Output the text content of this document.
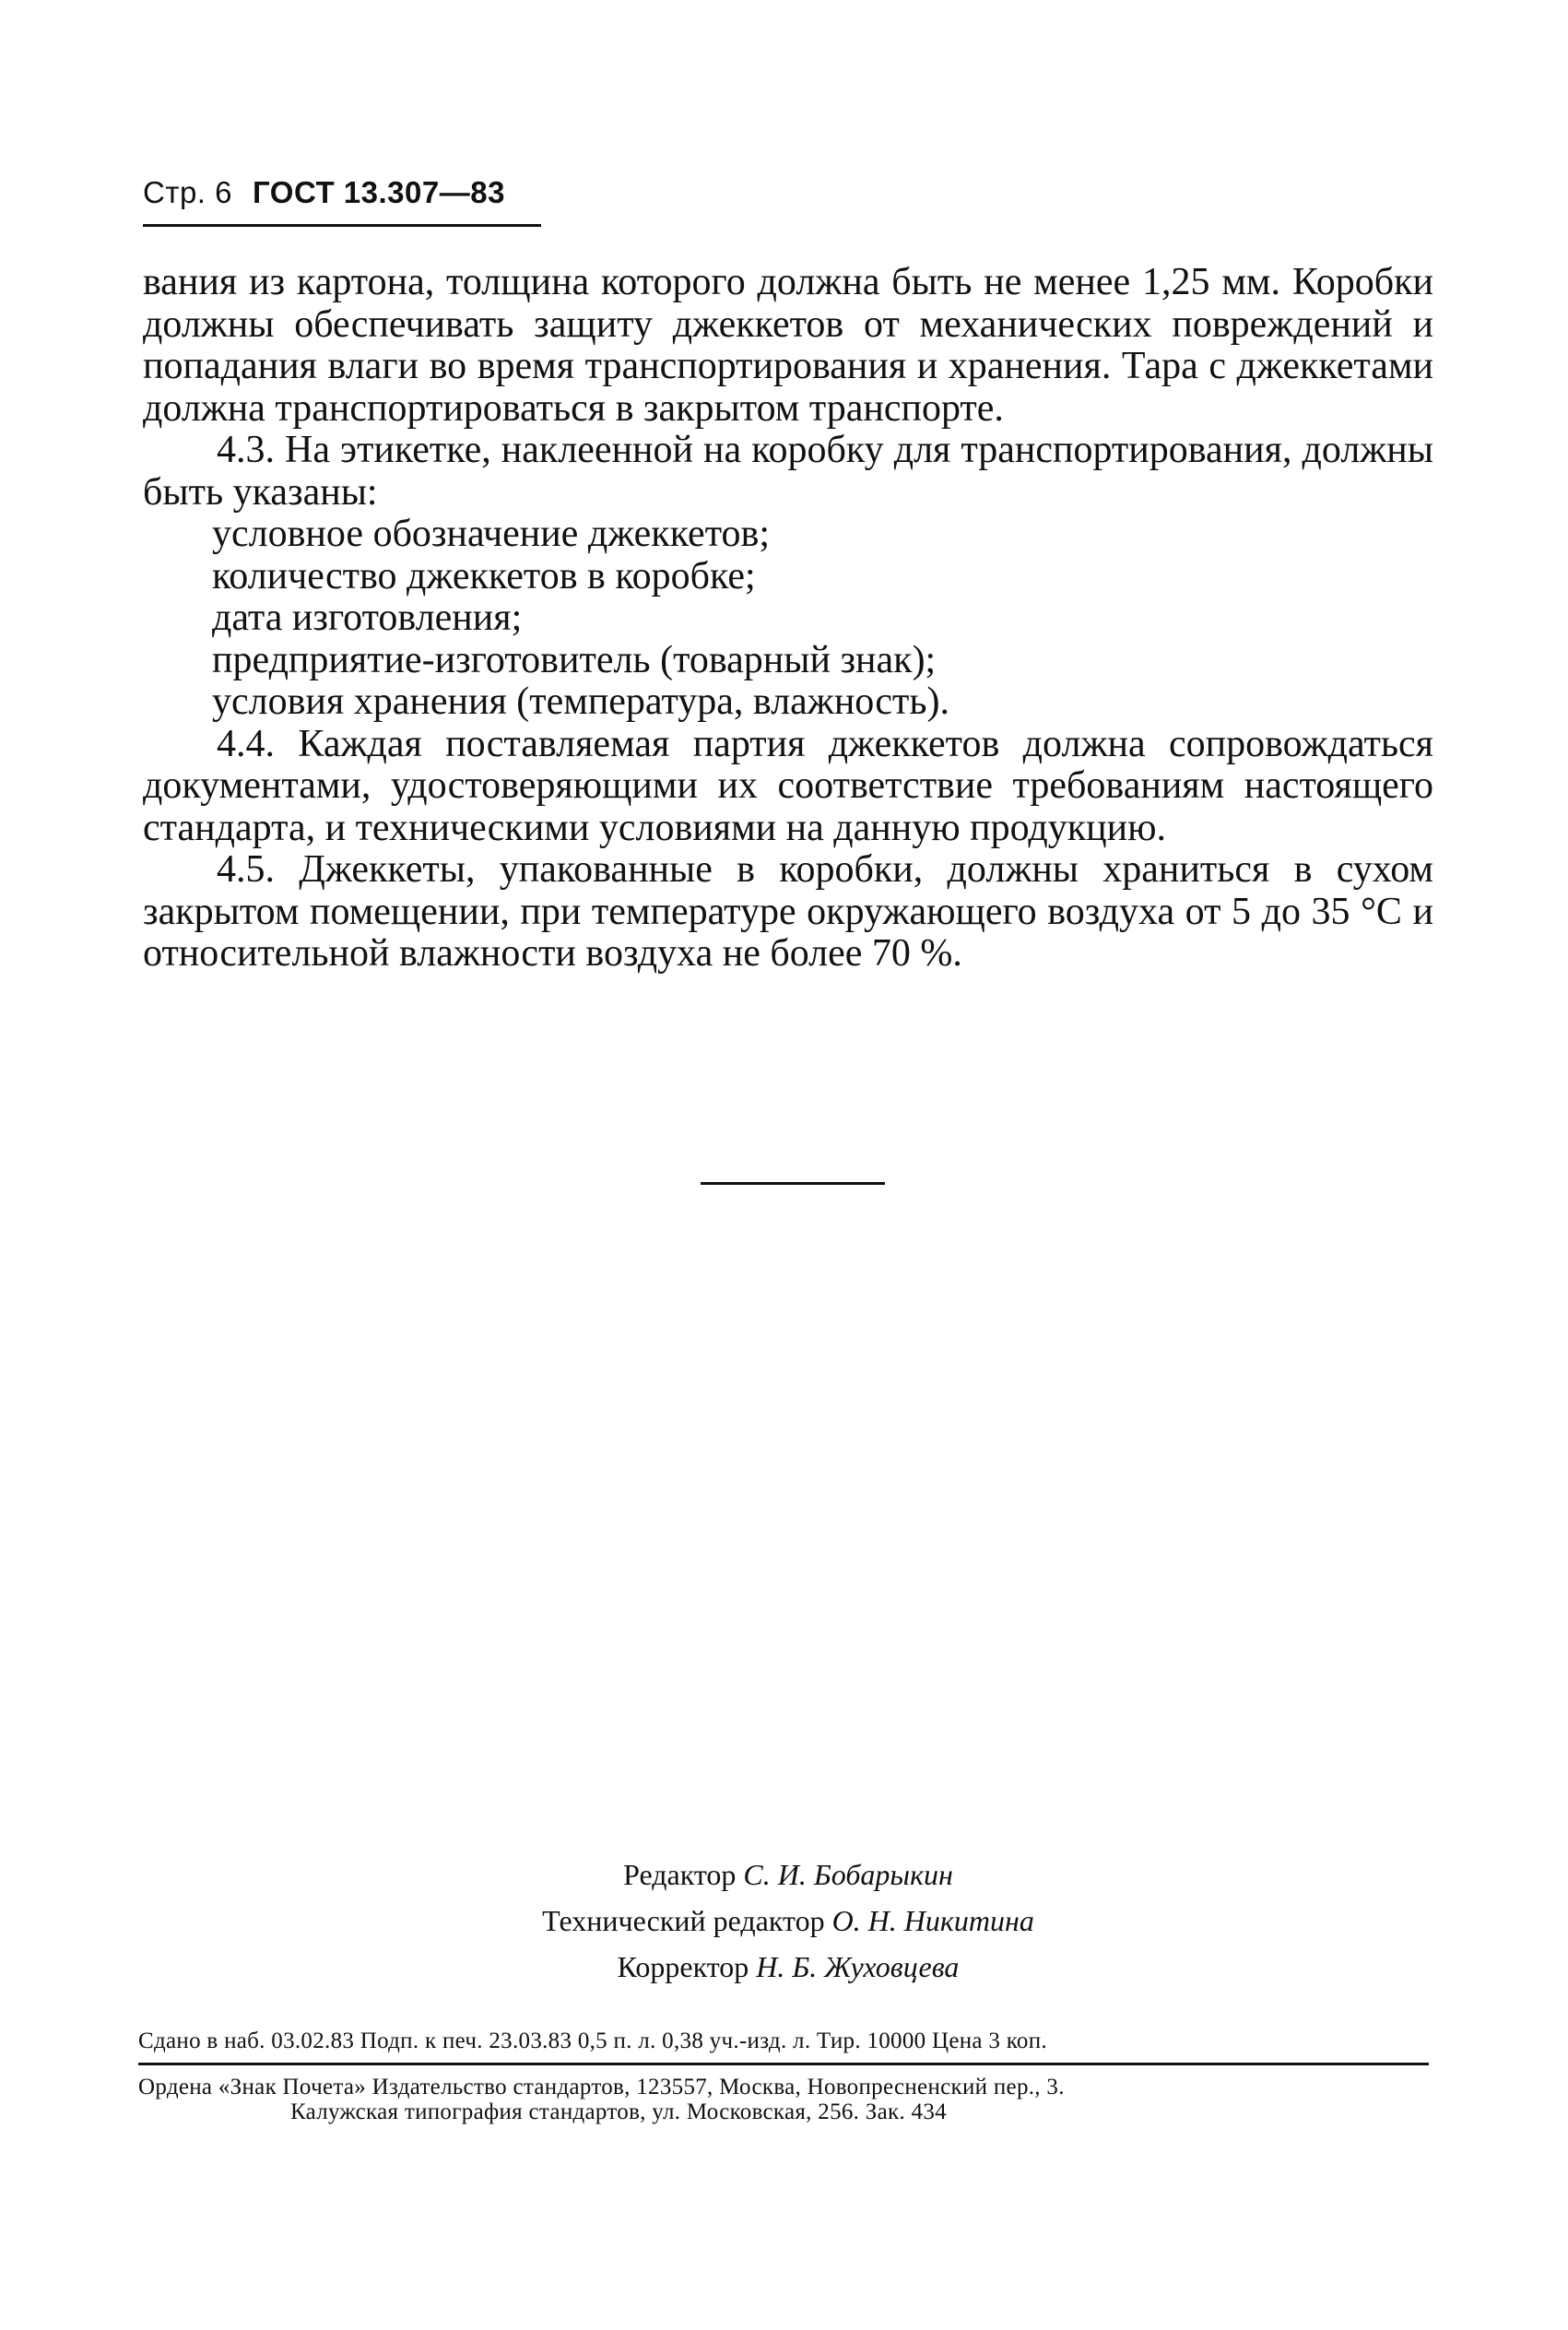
Стр. 6 ГОСТ 13.307—83

вания из картона, толщина которого должна быть не менее 1,25 мм. Коробки должны обеспечивать защиту джеккетов от механических повреждений и попадания влаги во время транспортирования и хранения. Тара с джеккетами должна транспортироваться в закрытом транспорте.

4.3. На этикетке, наклеенной на коробку для транспортирования, должны быть указаны:

условное обозначение джеккетов;

количество джеккетов в коробке;

дата изготовления;

предприятие-изготовитель (товарный знак);

условия хранения (температура, влажность).

4.4. Каждая поставляемая партия джеккетов должна сопровождаться документами, удостоверяющими их соответствие требованиям настоящего стандарта, и техническими условиями на данную продукцию.

4.5. Джеккеты, упакованные в коробки, должны храниться в сухом закрытом помещении, при температуре окружающего воздуха от 5 до 35 °С и относительной влажности воздуха не более 70 %.

Редактор С. И. Бобарыкин
Технический редактор О. Н. Никитина
Корректор Н. Б. Жуховцева
Сдано в наб. 03.02.83 Подп. к печ. 23.03.83 0,5 п. л. 0,38 уч.-изд. л. Тир. 10000 Цена 3 коп.
Ордена «Знак Почета» Издательство стандартов, 123557, Москва, Новопресненский пер., 3.
Калужская типография стандартов, ул. Московская, 256. Зак. 434
